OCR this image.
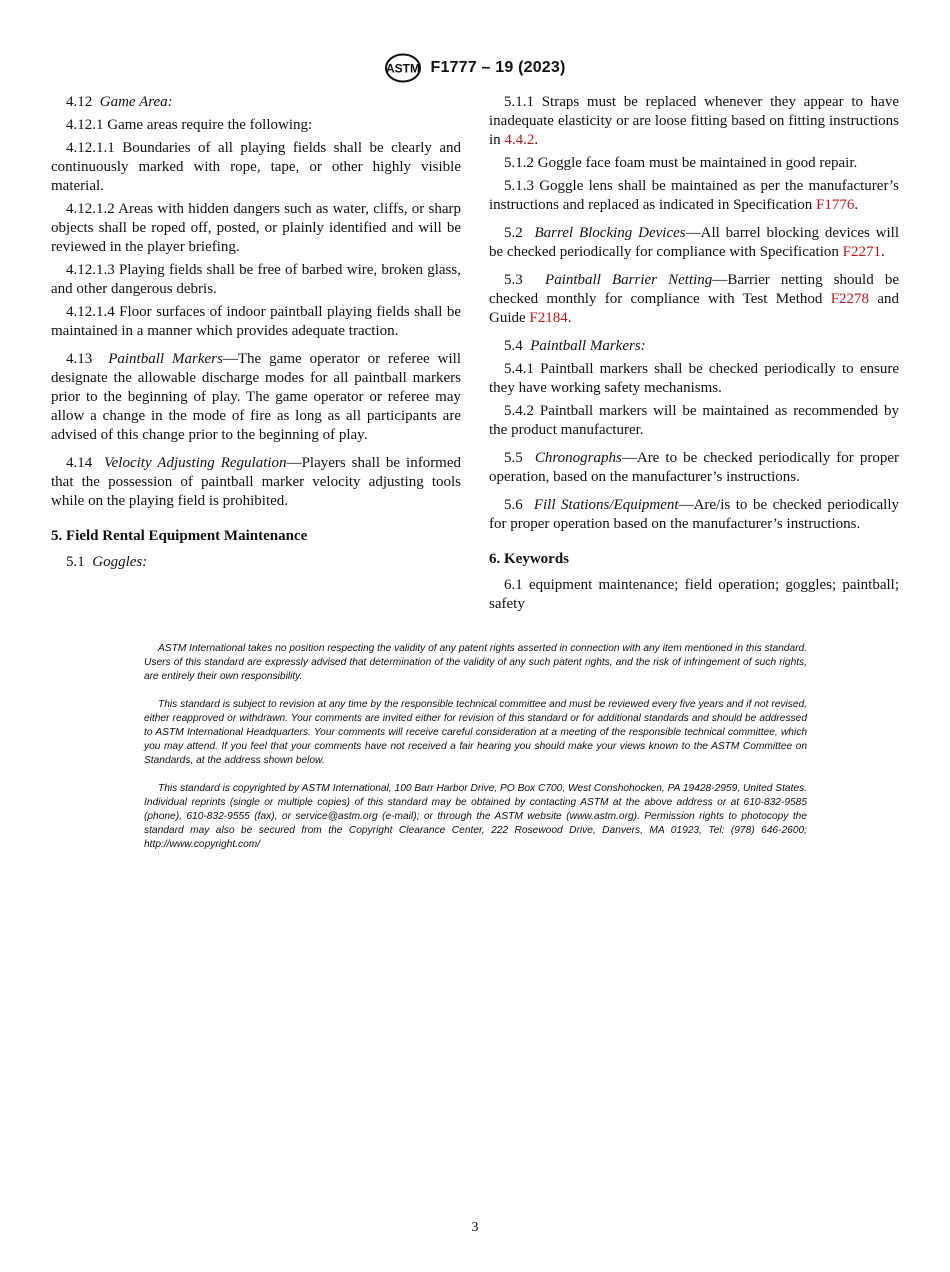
ASTM F1777 – 19 (2023)

4.12 Game Area:

4.12.1 Game areas require the following:

4.12.1.1 Boundaries of all playing fields shall be clearly and continuously marked with rope, tape, or other highly visible material.

4.12.1.2 Areas with hidden dangers such as water, cliffs, or sharp objects shall be roped off, posted, or plainly identified and will be reviewed in the player briefing.

4.12.1.3 Playing fields shall be free of barbed wire, broken glass, and other dangerous debris.

4.12.1.4 Floor surfaces of indoor paintball playing fields shall be maintained in a manner which provides adequate traction.

4.13 Paintball Markers—The game operator or referee will designate the allowable discharge modes for all paintball markers prior to the beginning of play. The game operator or referee may allow a change in the mode of fire as long as all participants are advised of this change prior to the beginning of play.

4.14 Velocity Adjusting Regulation—Players shall be informed that the possession of paintball marker velocity adjusting tools while on the playing field is prohibited.

5. Field Rental Equipment Maintenance

5.1 Goggles:

5.1.1 Straps must be replaced whenever they appear to have inadequate elasticity or are loose fitting based on fitting instructions in 4.4.2.

5.1.2 Goggle face foam must be maintained in good repair.

5.1.3 Goggle lens shall be maintained as per the manufacturer’s instructions and replaced as indicated in Specification F1776.

5.2 Barrel Blocking Devices—All barrel blocking devices will be checked periodically for compliance with Specification F2271.

5.3 Paintball Barrier Netting—Barrier netting should be checked monthly for compliance with Test Method F2278 and Guide F2184.

5.4 Paintball Markers:

5.4.1 Paintball markers shall be checked periodically to ensure they have working safety mechanisms.

5.4.2 Paintball markers will be maintained as recommended by the product manufacturer.

5.5 Chronographs—Are to be checked periodically for proper operation, based on the manufacturer’s instructions.

5.6 Fill Stations/Equipment—Are/is to be checked periodically for proper operation based on the manufacturer’s instructions.

6. Keywords

6.1 equipment maintenance; field operation; goggles; paintball; safety

ASTM International takes no position respecting the validity of any patent rights asserted in connection with any item mentioned in this standard. Users of this standard are expressly advised that determination of the validity of any such patent rights, and the risk of infringement of such rights, are entirely their own responsibility.

This standard is subject to revision at any time by the responsible technical committee and must be reviewed every five years and if not revised, either reapproved or withdrawn. Your comments are invited either for revision of this standard or for additional standards and should be addressed to ASTM International Headquarters. Your comments will receive careful consideration at a meeting of the responsible technical committee, which you may attend. If you feel that your comments have not received a fair hearing you should make your views known to the ASTM Committee on Standards, at the address shown below.

This standard is copyrighted by ASTM International, 100 Barr Harbor Drive, PO Box C700, West Conshohocken, PA 19428-2959, United States. Individual reprints (single or multiple copies) of this standard may be obtained by contacting ASTM at the above address or at 610-832-9585 (phone), 610-832-9555 (fax), or service@astm.org (e-mail); or through the ASTM website (www.astm.org). Permission rights to photocopy the standard may also be secured from the Copyright Clearance Center, 222 Rosewood Drive, Danvers, MA 01923, Tel: (978) 646-2600; http://www.copyright.com/

3
